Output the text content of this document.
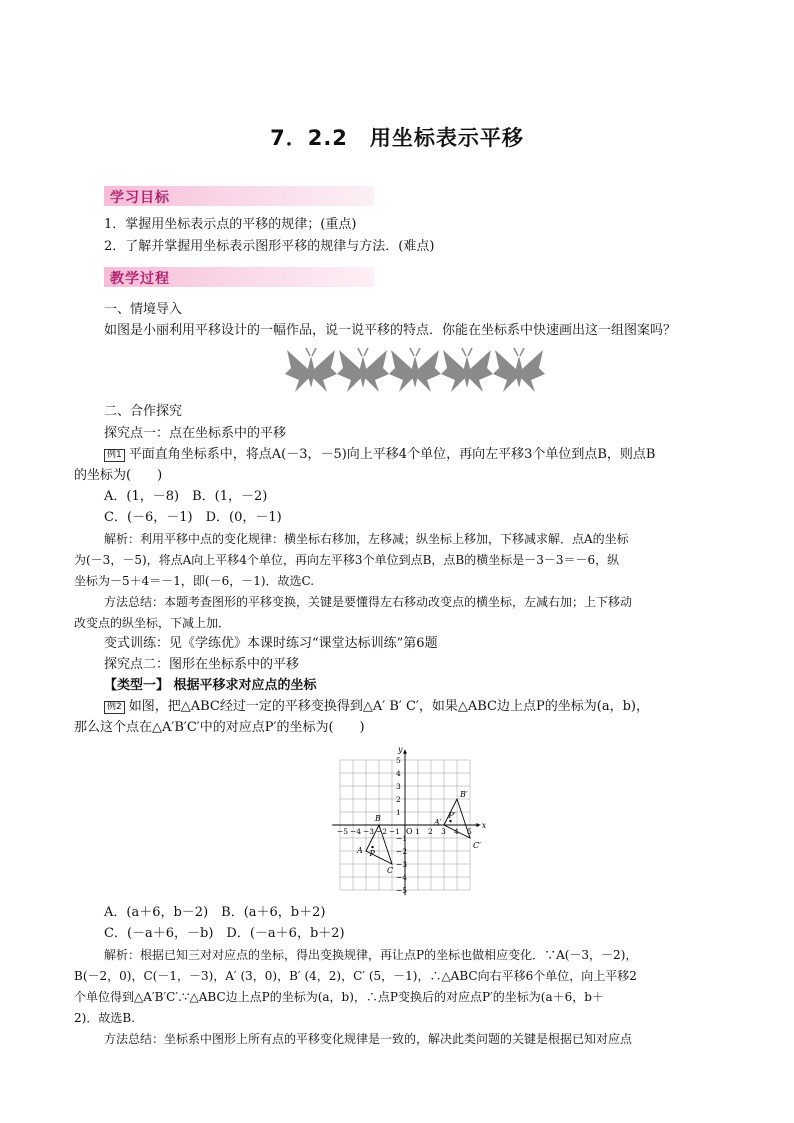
7．2.2　用坐标表示平移
学习目标
1．掌握用坐标表示点的平移的规律；(重点)
2．了解并掌握用坐标表示图形平移的规律与方法．(难点)
教学过程
一、情境导入
如图是小丽利用平移设计的一幅作品，说一说平移的特点．你能在坐标系中快速画出这一组图案吗？
二、合作探究
探究点一：点在坐标系中的平移
例1 平面直角坐标系中，将点A(－3，－5)向上平移4个单位，再向左平移3个单位到点B，则点B
的坐标为(　　)
A．(1，－8)　B．(1，－2)
C．(－6，－1)　D．(0，－1)
解析：利用平移中点的变化规律：横坐标右移加，左移减；纵坐标上移加，下移减求解．点A的坐标
为(－3，－5)，将点A向上平移4个单位，再向左平移3个单位到点B，点B的横坐标是－3－3＝－6，纵
坐标为－5＋4＝－1，即(－6，－1)．故选C.
方法总结：本题考查图形的平移变换，关键是要懂得左右移动改变点的横坐标，左减右加；上下移动
改变点的纵坐标，下减上加．
变式训练：见《学练优》本课时练习“课堂达标训练”第6题
探究点二：图形在坐标系中的平移
【类型一】 根据平移求对应点的坐标
例2 如图，把△ABC经过一定的平移变换得到△A′ B′ C′，如果△ABC边上点P的坐标为(a，b)，
那么这个点在△A′B′C′中的对应点P′的坐标为(　　)
x
y
O
−5 −4 −3 −2 −1 1 2 3 4 5
5
4
3
2
1
−1
−2
−3
−4
−5
A
B
C
P
A′
B′
C′
P′
A．(a＋6，b－2)　B．(a＋6，b＋2)
C．(－a＋6，－b)　D．(－a＋6，b＋2)
解析：根据已知三对对应点的坐标，得出变换规律，再让点P的坐标也做相应变化．∵A(－3，－2)，
B(－2，0)，C(－1，－3)，A′ (3，0)，B′ (4，2)，C′ (5，－1)，∴△ABC向右平移6个单位，向上平移2
个单位得到△A′B′C′.∵△ABC边上点P的坐标为(a，b)，∴点P变换后的对应点P′的坐标为(a＋6，b＋
2)．故选B.
方法总结：坐标系中图形上所有点的平移变化规律是一致的，解决此类问题的关键是根据已知对应点
